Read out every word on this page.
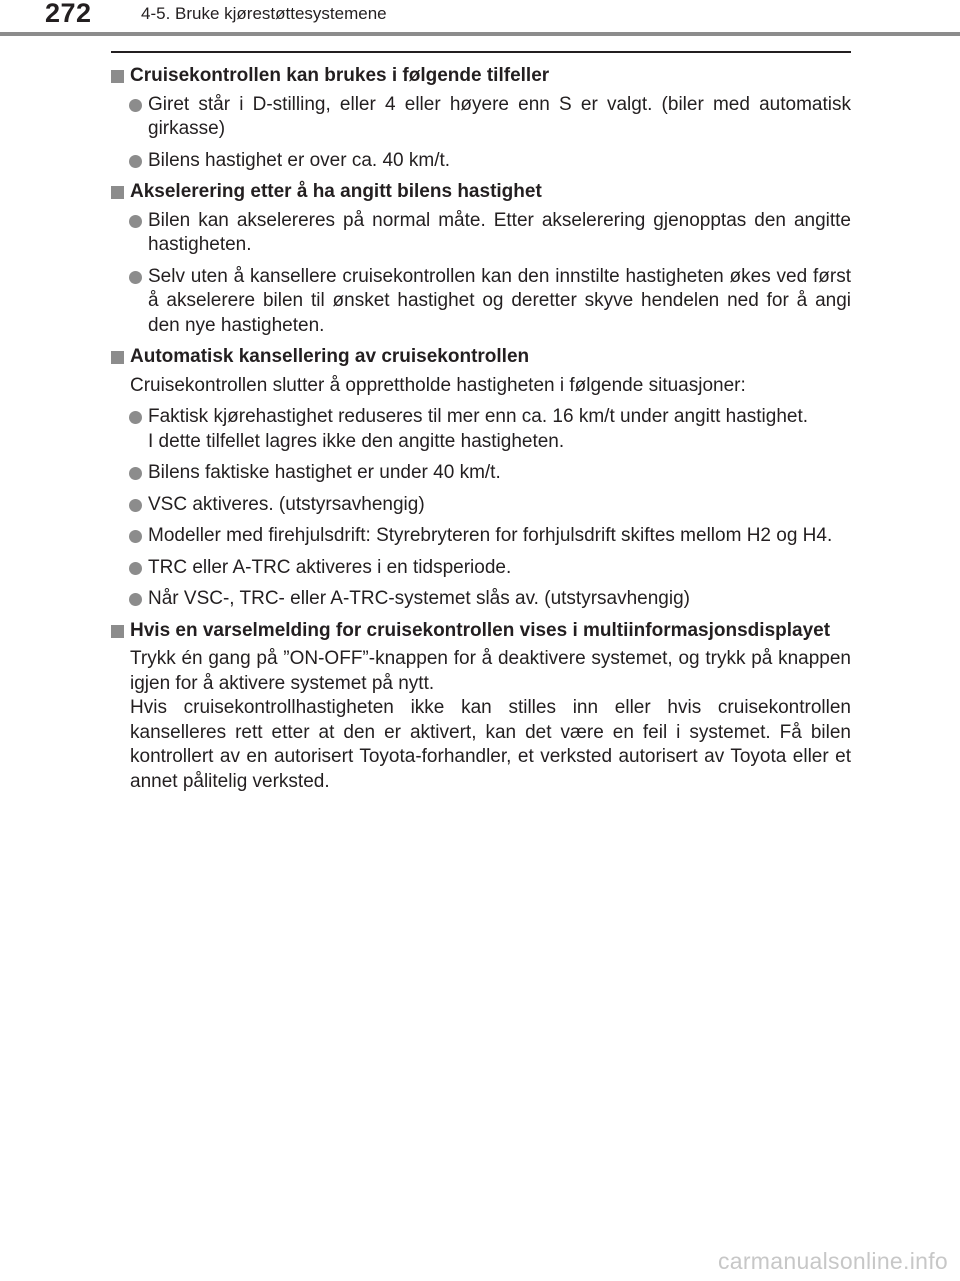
272	4-5. Bruke kjørestøttesystemene
Cruisekontrollen kan brukes i følgende tilfeller
Giret står i D-stilling, eller 4 eller høyere enn S er valgt. (biler med automatisk girkasse)
Bilens hastighet er over ca. 40 km/t.
Akselerering etter å ha angitt bilens hastighet
Bilen kan akselereres på normal måte. Etter akselerering gjenopptas den angitte hastigheten.
Selv uten å kansellere cruisekontrollen kan den innstilte hastigheten økes ved først å akselerere bilen til ønsket hastighet og deretter skyve hendelen ned for å angi den nye hastigheten.
Automatisk kansellering av cruisekontrollen
Cruisekontrollen slutter å opprettholde hastigheten i følgende situasjoner:
Faktisk kjørehastighet reduseres til mer enn ca. 16 km/t under angitt hastighet.
I dette tilfellet lagres ikke den angitte hastigheten.
Bilens faktiske hastighet er under 40 km/t.
VSC aktiveres. (utstyrsavhengig)
Modeller med firehjulsdrift: Styrebryteren for forhjulsdrift skiftes mellom H2 og H4.
TRC eller A-TRC aktiveres i en tidsperiode.
Når VSC-, TRC- eller A-TRC-systemet slås av. (utstyrsavhengig)
Hvis en varselmelding for cruisekontrollen vises i multiinformasjonsdisplayet
Trykk én gang på ”ON-OFF”-knappen for å deaktivere systemet, og trykk på knappen igjen for å aktivere systemet på nytt.
Hvis cruisekontrollhastigheten ikke kan stilles inn eller hvis cruisekontrollen kanselleres rett etter at den er aktivert, kan det være en feil i systemet. Få bilen kontrollert av en autorisert Toyota-forhandler, et verksted autorisert av Toyota eller et annet pålitelig verksted.
carmanualsonline.info
